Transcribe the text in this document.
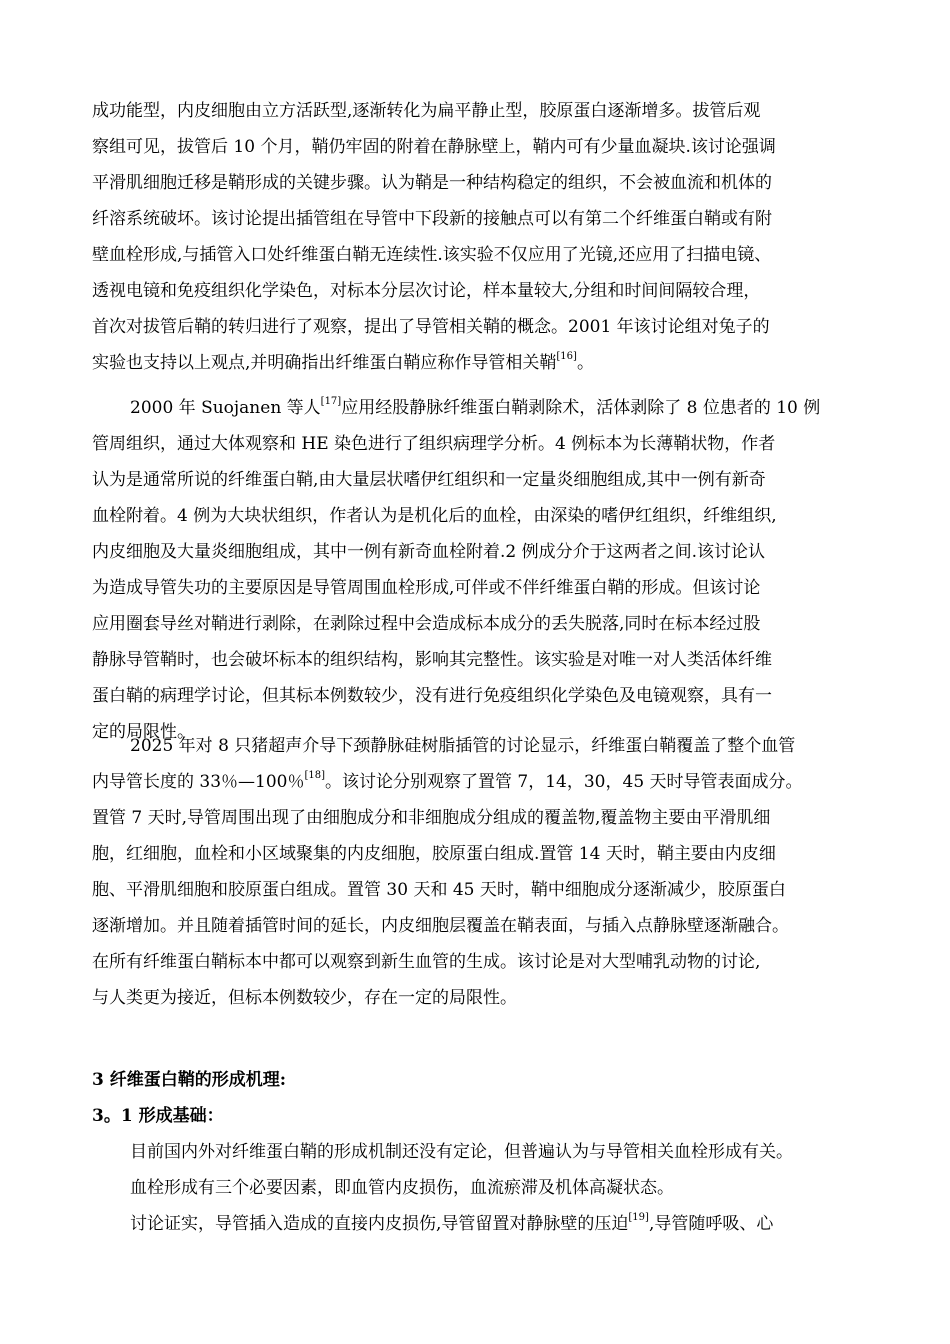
成功能型，内皮细胞由立方活跃型,逐渐转化为扁平静止型，胶原蛋白逐渐增多。拔管后观
察组可见，拔管后 10 个月，鞘仍牢固的附着在静脉壁上，鞘内可有少量血凝块.该讨论强调
平滑肌细胞迁移是鞘形成的关键步骤。认为鞘是一种结构稳定的组织，不会被血流和机体的
纤溶系统破坏。该讨论提出插管组在导管中下段新的接触点可以有第二个纤维蛋白鞘或有附
壁血栓形成,与插管入口处纤维蛋白鞘无连续性.该实验不仅应用了光镜,还应用了扫描电镜、
透视电镜和免疫组织化学染色，对标本分层次讨论，样本量较大,分组和时间间隔较合理，
首次对拔管后鞘的转归进行了观察，提出了导管相关鞘的概念。2001 年该讨论组对兔子的
实验也支持以上观点,并明确指出纤维蛋白鞘应称作导管相关鞘[16]。
2000 年 Suojanen 等人[17]应用经股静脉纤维蛋白鞘剥除术，活体剥除了 8 位患者的 10 例
管周组织，通过大体观察和 HE 染色进行了组织病理学分析。4 例标本为长薄鞘状物，作者
认为是通常所说的纤维蛋白鞘,由大量层状嗜伊红组织和一定量炎细胞组成,其中一例有新奇
血栓附着。4 例为大块状组织，作者认为是机化后的血栓，由深染的嗜伊红组织，纤维组织,
内皮细胞及大量炎细胞组成，其中一例有新奇血栓附着.2 例成分介于这两者之间.该讨论认
为造成导管失功的主要原因是导管周围血栓形成,可伴或不伴纤维蛋白鞘的形成。但该讨论
应用圈套导丝对鞘进行剥除，在剥除过程中会造成标本成分的丢失脱落,同时在标本经过股
静脉导管鞘时，也会破坏标本的组织结构，影响其完整性。该实验是对唯一对人类活体纤维
蛋白鞘的病理学讨论，但其标本例数较少，没有进行免疫组织化学染色及电镜观察，具有一
定的局限性。
2025 年对 8 只猪超声介导下颈静脉硅树脂插管的讨论显示，纤维蛋白鞘覆盖了整个血管
内导管长度的 33％—100％[18]。该讨论分别观察了置管 7，14，30，45 天时导管表面成分。
置管 7 天时,导管周围出现了由细胞成分和非细胞成分组成的覆盖物,覆盖物主要由平滑肌细
胞，红细胞，血栓和小区域聚集的内皮细胞，胶原蛋白组成.置管 14 天时，鞘主要由内皮细
胞、平滑肌细胞和胶原蛋白组成。置管 30 天和 45 天时，鞘中细胞成分逐渐减少，胶原蛋白
逐渐增加。并且随着插管时间的延长，内皮细胞层覆盖在鞘表面，与插入点静脉壁逐渐融合。
在所有纤维蛋白鞘标本中都可以观察到新生血管的生成。该讨论是对大型哺乳动物的讨论,
与人类更为接近，但标本例数较少，存在一定的局限性。
3 纤维蛋白鞘的形成机理:
3。1 形成基础：
目前国内外对纤维蛋白鞘的形成机制还没有定论，但普遍认为与导管相关血栓形成有关。
血栓形成有三个必要因素，即血管内皮损伤，血流瘀滞及机体高凝状态。
讨论证实，导管插入造成的直接内皮损伤,导管留置对静脉壁的压迫[19],导管随呼吸、心
